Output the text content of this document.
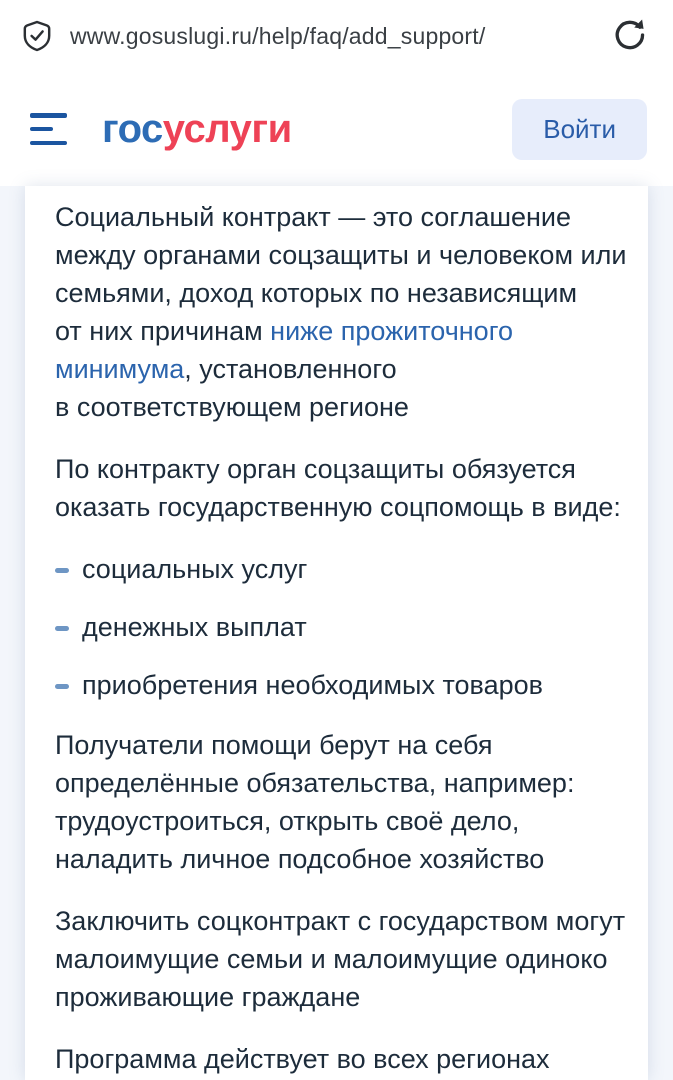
www.gosuslugi.ru/help/faq/add_support/
госуслуги	Войти
Социальный контракт — это соглашение
между органами соцзащиты и человеком или
семьями, доход которых по независящим
от них причинам ниже прожиточного
минимума, установленного
в соответствующем регионе
По контракту орган соцзащиты обязуется
оказать государственную соцпомощь в виде:
социальных услуг
денежных выплат
приобретения необходимых товаров
Получатели помощи берут на себя
определённые обязательства, например:
трудоустроиться, открыть своё дело,
наладить личное подсобное хозяйство
Заключить соцконтракт с государством могут
малоимущие семьи и малоимущие одиноко
проживающие граждане
Программа действует во всех регионах
